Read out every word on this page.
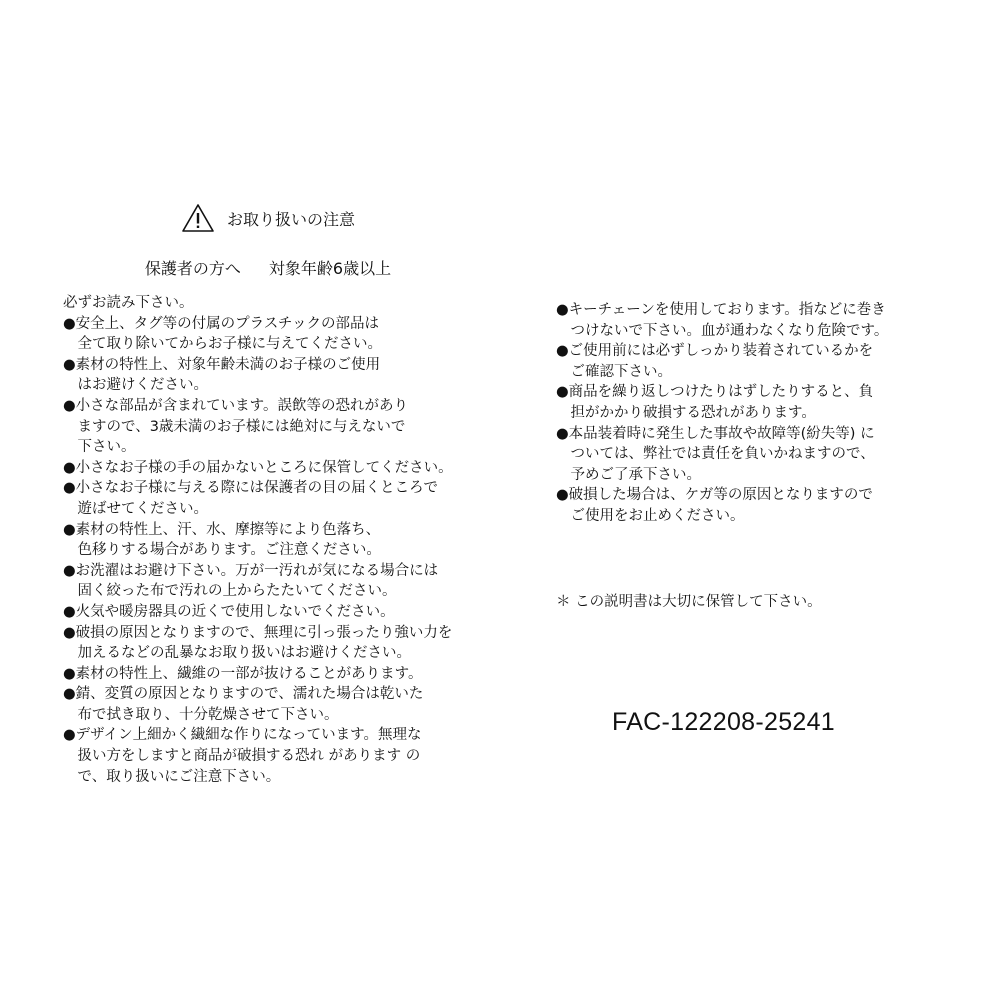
お取り扱いの注意
保護者の方へ 対象年齢6歳以上
必ずお読み下さい。
●安全上、タグ等の付属のプラスチックの部品は
　全て取り除いてからお子様に与えてください。
●素材の特性上、対象年齢未満のお子様のご使用
　はお避けください。
●小さな部品が含まれています。誤飲等の恐れがあり
　ますので、3歳未満のお子様には絶対に与えないで
　下さい。
●小さなお子様の手の届かないところに保管してください。
●小さなお子様に与える際には保護者の目の届くところで
　遊ばせてください。
●素材の特性上、汗、水、摩擦等により色落ち、
　色移りする場合があります。ご注意ください。
●お洗濯はお避け下さい。万が一汚れが気になる場合には
　固く絞った布で汚れの上からたたいてください。
●火気や暖房器具の近くで使用しないでください。
●破損の原因となりますので、無理に引っ張ったり強い力を
　加えるなどの乱暴なお取り扱いはお避けください。
●素材の特性上、繊維の一部が抜けることがあります。
●錆、変質の原因となりますので、濡れた場合は乾いた
　布で拭き取り、十分乾燥させて下さい。
●デザイン上細かく繊細な作りになっています。無理な
　扱い方をしますと商品が破損する恐れ があります の
　で、取り扱いにご注意下さい。
●キーチェーンを使用しております。指などに巻き
　つけないで下さい。血が通わなくなり危険です。
●ご使用前には必ずしっかり装着されているかを
　ご確認下さい。
●商品を繰り返しつけたりはずしたりすると、負
　担がかかり破損する恐れがあります。
●本品装着時に発生した事故や故障等(紛失等) に
　ついては、弊社では責任を負いかねますので、
　予めご了承下さい。
●破損した場合は、ケガ等の原因となりますので
　ご使用をお止めください。
＊ この説明書は大切に保管して下さい。
FAC-122208-25241
